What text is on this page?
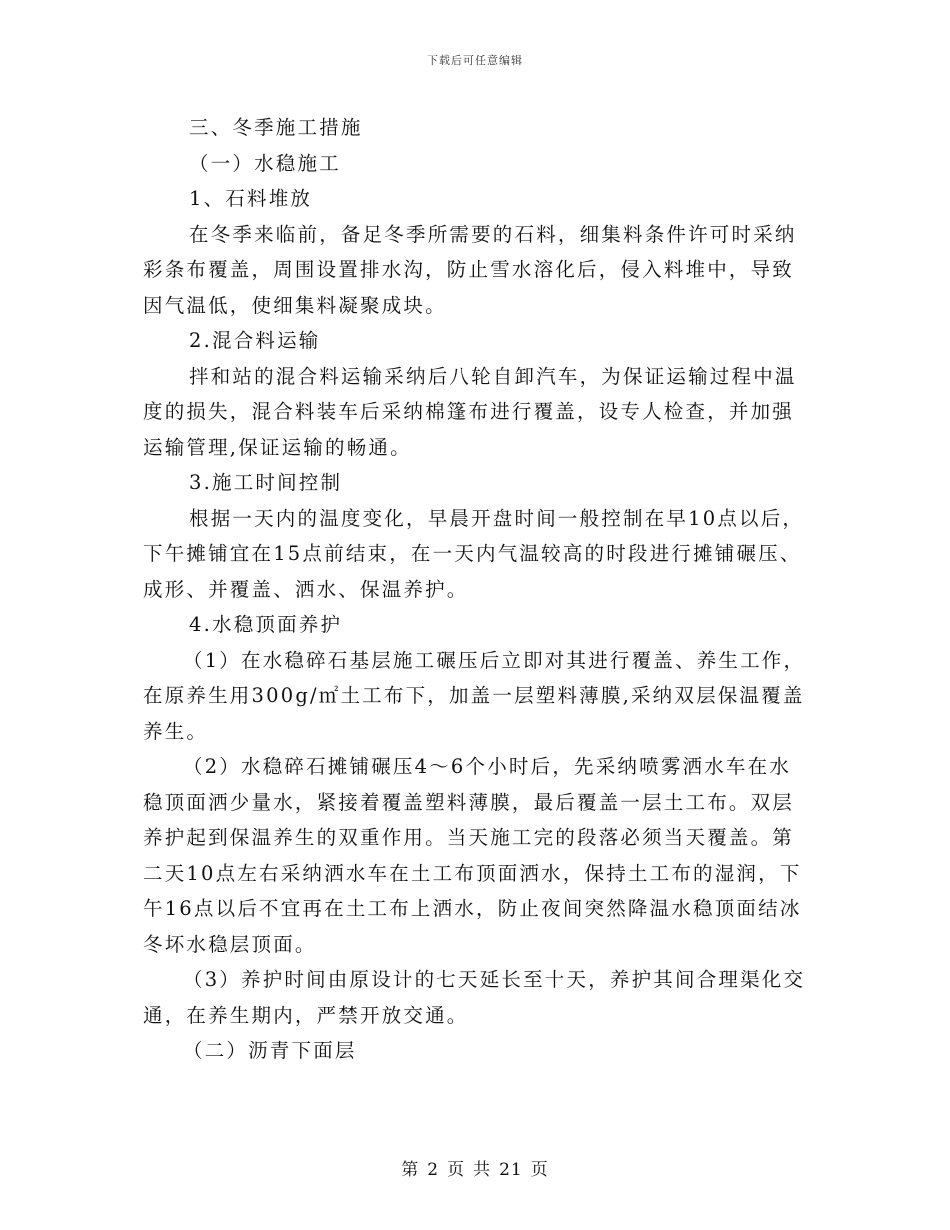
下载后可任意编辑
三、冬季施工措施
（一）水稳施工
1、石料堆放
在冬季来临前，备足冬季所需要的石料，细集料条件许可时采纳
彩条布覆盖，周围设置排水沟，防止雪水溶化后，侵入料堆中，导致
因气温低，使细集料凝聚成块。
2.混合料运输
拌和站的混合料运输采纳后八轮自卸汽车，为保证运输过程中温
度的损失，混合料装车后采纳棉篷布进行覆盖，设专人检查，并加强
运输管理,保证运输的畅通。
3.施工时间控制
根据一天内的温度变化，早晨开盘时间一般控制在早10点以后，
下午摊铺宜在15点前结束，在一天内气温较高的时段进行摊铺碾压、
成形、并覆盖、洒水、保温养护。
4.水稳顶面养护
（1）在水稳碎石基层施工碾压后立即对其进行覆盖、养生工作，
在原养生用300g/㎡土工布下，加盖一层塑料薄膜,采纳双层保温覆盖
养生。
（2）水稳碎石摊铺碾压4～6个小时后，先采纳喷雾洒水车在水
稳顶面洒少量水，紧接着覆盖塑料薄膜，最后覆盖一层土工布。双层
养护起到保温养生的双重作用。当天施工完的段落必须当天覆盖。第
二天10点左右采纳洒水车在土工布顶面洒水，保持土工布的湿润，下
午16点以后不宜再在土工布上洒水，防止夜间突然降温水稳顶面结冰
冬坏水稳层顶面。
（3）养护时间由原设计的七天延长至十天，养护其间合理渠化交
通，在养生期内，严禁开放交通。
（二）沥青下面层
第 2 页 共 21 页
